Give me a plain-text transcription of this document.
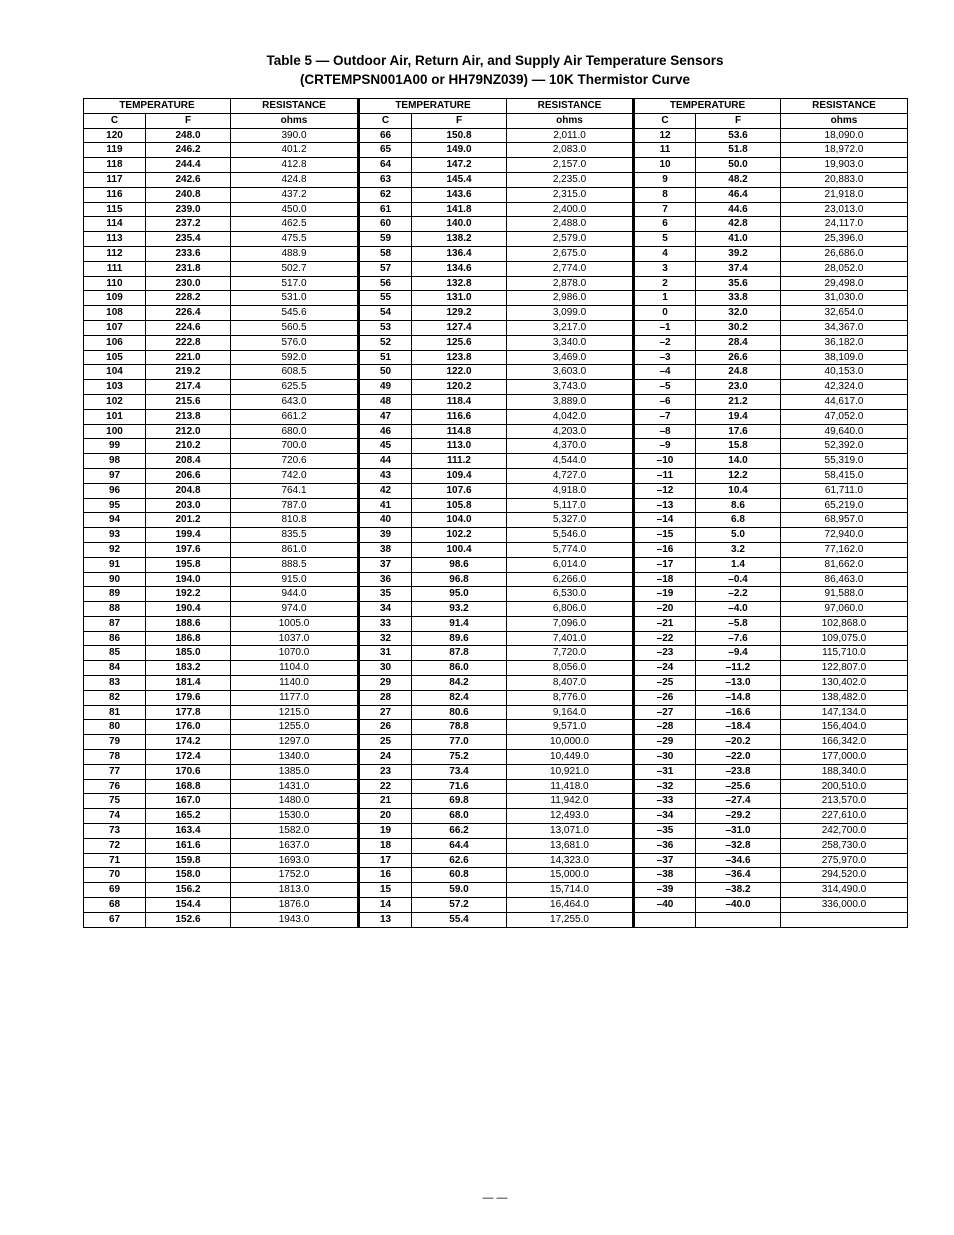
Table 5 — Outdoor Air, Return Air, and Supply Air Temperature Sensors
(CRTEMPSN001A00 or HH79NZ039) — 10K Thermistor Curve
TEMPERATURE		RESISTANCE	TEMPERATURE		RESISTANCE	TEMPERATURE		RESISTANCE
C	F	ohms	C	F	ohms	C	F	ohms
120	248.0	390.0	66	150.8	2,011.0	12	53.6	18,090.0
119	246.2	401.2	65	149.0	2,083.0	11	51.8	18,972.0
118	244.4	412.8	64	147.2	2,157.0	10	50.0	19,903.0
117	242.6	424.8	63	145.4	2,235.0	9	48.2	20,883.0
116	240.8	437.2	62	143.6	2,315.0	8	46.4	21,918.0
115	239.0	450.0	61	141.8	2,400.0	7	44.6	23,013.0
114	237.2	462.5	60	140.0	2,488.0	6	42.8	24,117.0
113	235.4	475.5	59	138.2	2,579.0	5	41.0	25,396.0
112	233.6	488.9	58	136.4	2,675.0	4	39.2	26,686.0
111	231.8	502.7	57	134.6	2,774.0	3	37.4	28,052.0
110	230.0	517.0	56	132.8	2,878.0	2	35.6	29,498.0
109	228.2	531.0	55	131.0	2,986.0	1	33.8	31,030.0
108	226.4	545.6	54	129.2	3,099.0	0	32.0	32,654.0
107	224.6	560.5	53	127.4	3,217.0	–1	30.2	34,367.0
106	222.8	576.0	52	125.6	3,340.0	–2	28.4	36,182.0
105	221.0	592.0	51	123.8	3,469.0	–3	26.6	38,109.0
104	219.2	608.5	50	122.0	3,603.0	–4	24.8	40,153.0
103	217.4	625.5	49	120.2	3,743.0	–5	23.0	42,324.0
102	215.6	643.0	48	118.4	3,889.0	–6	21.2	44,617.0
101	213.8	661.2	47	116.6	4,042.0	–7	19.4	47,052.0
100	212.0	680.0	46	114.8	4,203.0	–8	17.6	49,640.0
99	210.2	700.0	45	113.0	4,370.0	–9	15.8	52,392.0
98	208.4	720.6	44	111.2	4,544.0	–10	14.0	55,319.0
97	206.6	742.0	43	109.4	4,727.0	–11	12.2	58,415.0
96	204.8	764.1	42	107.6	4,918.0	–12	10.4	61,711.0
95	203.0	787.0	41	105.8	5,117.0	–13	8.6	65,219.0
94	201.2	810.8	40	104.0	5,327.0	–14	6.8	68,957.0
93	199.4	835.5	39	102.2	5,546.0	–15	5.0	72,940.0
92	197.6	861.0	38	100.4	5,774.0	–16	3.2	77,162.0
91	195.8	888.5	37	98.6	6,014.0	–17	1.4	81,662.0
90	194.0	915.0	36	96.8	6,266.0	–18	–0.4	86,463.0
89	192.2	944.0	35	95.0	6,530.0	–19	–2.2	91,588.0
88	190.4	974.0	34	93.2	6,806.0	–20	–4.0	97,060.0
87	188.6	1005.0	33	91.4	7,096.0	–21	–5.8	102,868.0
86	186.8	1037.0	32	89.6	7,401.0	–22	–7.6	109,075.0
85	185.0	1070.0	31	87.8	7,720.0	–23	–9.4	115,710.0
84	183.2	1104.0	30	86.0	8,056.0	–24	–11.2	122,807.0
83	181.4	1140.0	29	84.2	8,407.0	–25	–13.0	130,402.0
82	179.6	1177.0	28	82.4	8,776.0	–26	–14.8	138,482.0
81	177.8	1215.0	27	80.6	9,164.0	–27	–16.6	147,134.0
80	176.0	1255.0	26	78.8	9,571.0	–28	–18.4	156,404.0
79	174.2	1297.0	25	77.0	10,000.0	–29	–20.2	166,342.0
78	172.4	1340.0	24	75.2	10,449.0	–30	–22.0	177,000.0
77	170.6	1385.0	23	73.4	10,921.0	–31	–23.8	188,340.0
76	168.8	1431.0	22	71.6	11,418.0	–32	–25.6	200,510.0
75	167.0	1480.0	21	69.8	11,942.0	–33	–27.4	213,570.0
74	165.2	1530.0	20	68.0	12,493.0	–34	–29.2	227,610.0
73	163.4	1582.0	19	66.2	13,071.0	–35	–31.0	242,700.0
72	161.6	1637.0	18	64.4	13,681.0	–36	–32.8	258,730.0
71	159.8	1693.0	17	62.6	14,323.0	–37	–34.6	275,970.0
70	158.0	1752.0	16	60.8	15,000.0	–38	–36.4	294,520.0
69	156.2	1813.0	15	59.0	15,714.0	–39	–38.2	314,490.0
68	154.4	1876.0	14	57.2	16,464.0	–40	–40.0	336,000.0
67	152.6	1943.0	13	55.4	17,255.0			
— —
